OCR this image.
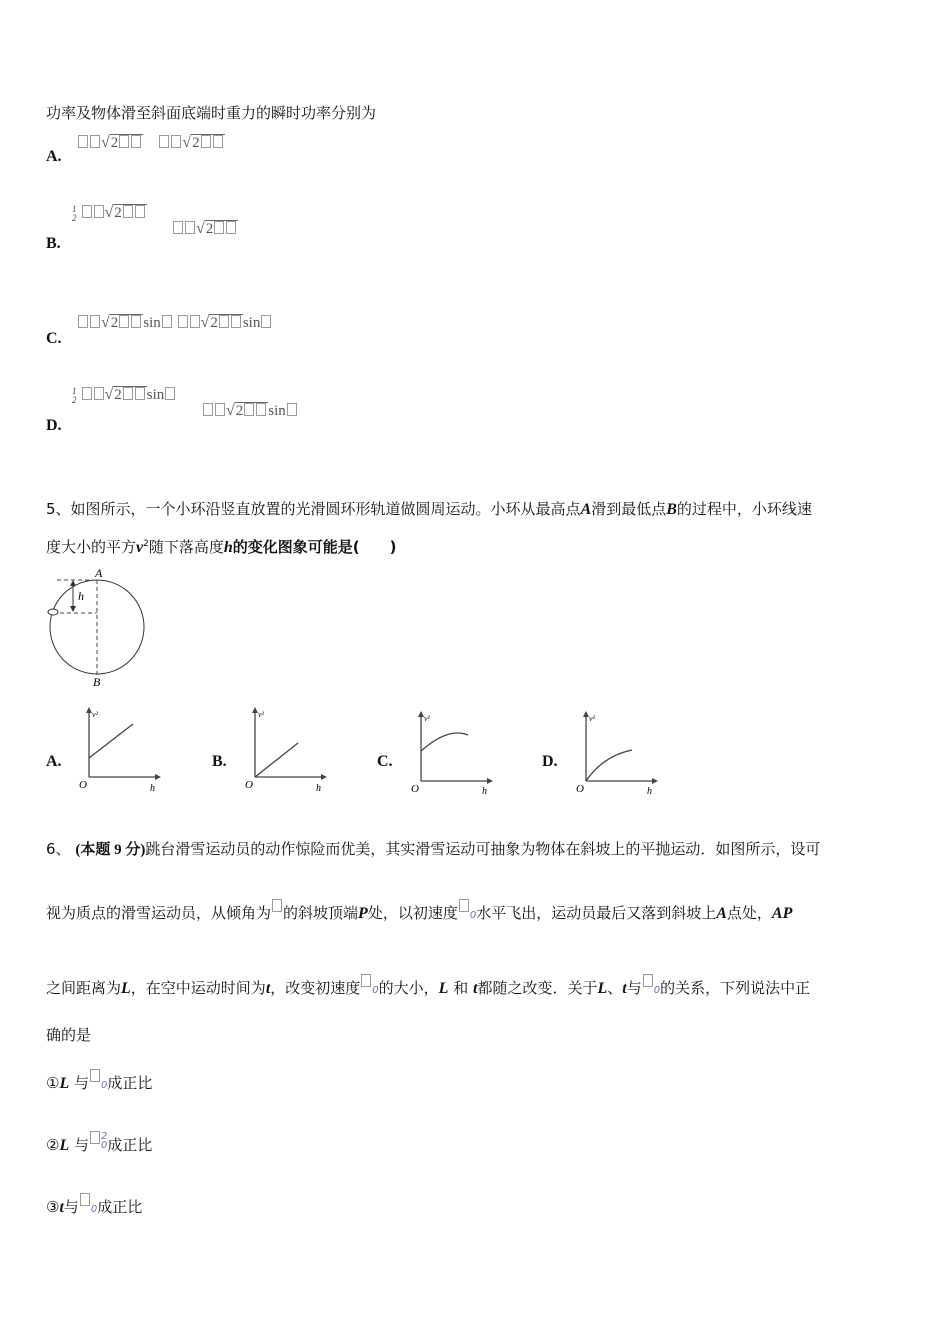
功率及物体滑至斜面底端时重力的瞬时功率分别为
A.
√2	√2
B.
1
2 √2
√2
C.
√2 sin √2 sin
D.
1
2 √2 sin
√2 sin
5、如图所示，一个小环沿竖直放置的光滑圆环形轨道做圆周运动。小环从最高点A滑到最低点B的过程中，小环线速
度大小的平方$v^2$随下落高度h的变化图象可能是(　　)
h
A
B
A.
v²
O	h
B.
v²
O	h
C.
v²
O	h
D.
v²
O	h
6、 (本题 9 分)跳台滑雪运动员的动作惊险而优美，其实滑雪运动可抽象为物体在斜坡上的平抛运动．如图所示，设可
视为质点的滑雪运动员，从倾角为 的斜坡顶端P处，以初速度 0水平飞出，运动员最后又落到斜坡上A点处，AP
之间距离为L，在空中运动时间为t，改变初速度 0的大小，L 和 t都随之改变．关于L、t与 0的关系，下列说法中正
确的是
①L 与 0成正比
②L 与 2
0 成正比
③t与 0成正比
